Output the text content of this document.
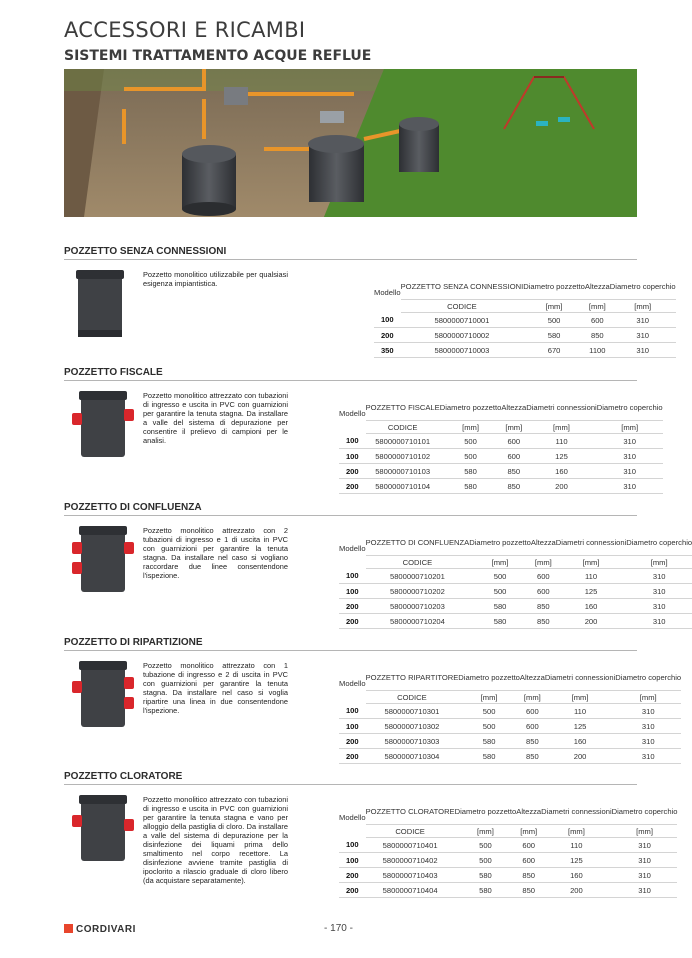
ACCESSORI E RICAMBI
SISTEMI TRATTAMENTO ACQUE REFLUE
POZZETTO SENZA CONNESSIONI
Pozzetto monolitico utilizzabile per qualsiasi esigenza impiantistica.
Modello	POZZETTO SENZA CONNESSIONI	Diametro pozzetto	Altezza	Diametro coperchio
	CODICE	[mm]	[mm]	[mm]
100	5800000710001	500	600	310
200	5800000710002	580	850	310
350	5800000710003	670	1100	310
POZZETTO FISCALE
Pozzetto monolitico attrezzato con tubazioni di ingresso e uscita in PVC con guarnizioni per garantire la tenuta stagna. Da installare a valle del sistema di depurazione per consentire il prelievo di campioni per le analisi.
Modello	POZZETTO FISCALE	Diametro pozzetto	Altezza	Diametri connessioni	Diametro coperchio
	CODICE	[mm]	[mm]	[mm]	[mm]
100	5800000710101	500	600	110	310
100	5800000710102	500	600	125	310
200	5800000710103	580	850	160	310
200	5800000710104	580	850	200	310
POZZETTO DI CONFLUENZA
Pozzetto monolitico attrezzato con 2 tubazioni di ingresso e 1 di uscita in PVC con guarnizioni per garantire la tenuta stagna. Da installare nel caso si vogliano raccordare due linee consentendone l'ispezione.
Modello	POZZETTO DI CONFLUENZA	Diametro pozzetto	Altezza	Diametri connessioni	Diametro coperchio
	CODICE	[mm]	[mm]	[mm]	[mm]
100	5800000710201	500	600	110	310
100	5800000710202	500	600	125	310
200	5800000710203	580	850	160	310
200	5800000710204	580	850	200	310
POZZETTO DI RIPARTIZIONE
Pozzetto monolitico attrezzato con 1 tubazione di ingresso e 2 di uscita in PVC con guarnizioni per garantire la tenuta stagna. Da installare nel caso si voglia ripartire una linea in due consentendone l'ispezione.
Modello	POZZETTO RIPARTITORE	Diametro pozzetto	Altezza	Diametri connessioni	Diametro coperchio
	CODICE	[mm]	[mm]	[mm]	[mm]
100	5800000710301	500	600	110	310
100	5800000710302	500	600	125	310
200	5800000710303	580	850	160	310
200	5800000710304	580	850	200	310
POZZETTO CLORATORE
Pozzetto monolitico attrezzato con tubazioni di ingresso e uscita in PVC con guarnizioni per garantire la tenuta stagna e vano per alloggio della pastiglia di cloro. Da installare a valle del sistema di depurazione per la disinfezione dei liquami prima dello smaltimento nel corpo recettore. La disinfezione avviene tramite pastiglia di ipoclorito a rilascio graduale di cloro libero (da acquistare separatamente).
Modello	POZZETTO CLORATORE	Diametro pozzetto	Altezza	Diametri connessioni	Diametro coperchio
	CODICE	[mm]	[mm]	[mm]	[mm]
100	5800000710401	500	600	110	310
100	5800000710402	500	600	125	310
200	5800000710403	580	850	160	310
200	5800000710404	580	850	200	310
CORDIVARI	- 170 -
